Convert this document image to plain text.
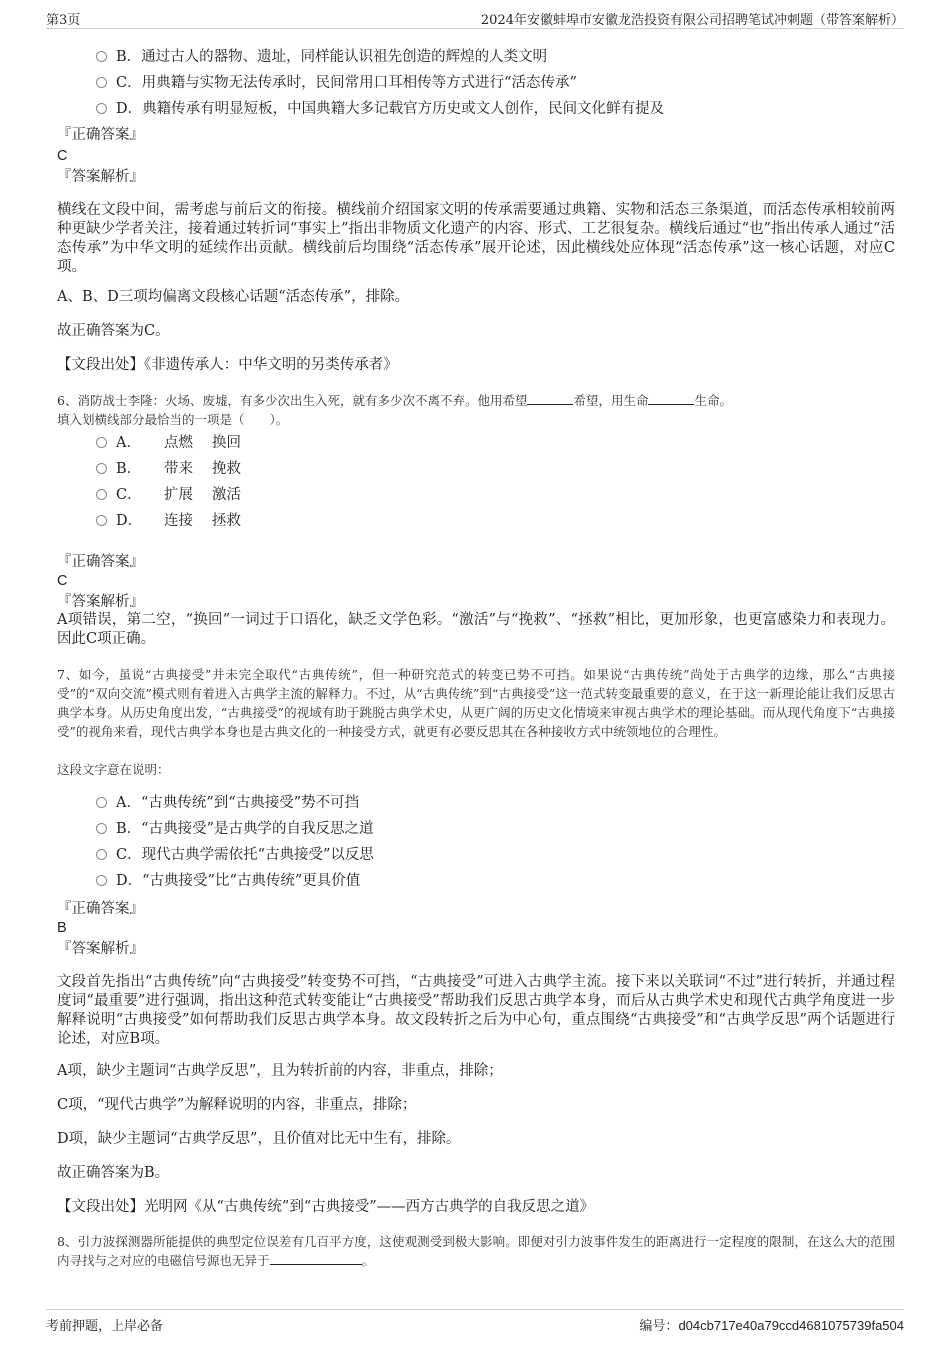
第3页	2024年安徽蚌埠市安徽龙浩投资有限公司招聘笔试冲刺题（带答案解析）
B．通过古人的器物、遗址，同样能认识祖先创造的辉煌的人类文明
C．用典籍与实物无法传承时，民间常用口耳相传等方式进行“活态传承”
D．典籍传承有明显短板，中国典籍大多记载官方历史或文人创作，民间文化鲜有提及
『正确答案』
C
『答案解析』
横线在文段中间，需考虑与前后文的衔接。横线前介绍国家文明的传承需要通过典籍、实物和活态三条渠道，而活态传承相较前两种更缺少学者关注，接着通过转折词“事实上”指出非物质文化遗产的内容、形式、工艺很复杂。横线后通过“也”指出传承人通过“活态传承”为中华文明的延续作出贡献。横线前后均围绕“活态传承”展开论述，因此横线处应体现“活态传承”这一核心话题，对应C项。
A、B、D三项均偏离文段核心话题“活态传承”，排除。
故正确答案为C。
【文段出处】《非遗传承人：中华文明的另类传承者》
6、消防战士李隆：火场、废墟，有多少次出生入死，就有多少次不离不弃。他用希望	希望，用生命	生命。
填入划横线部分最恰当的一项是（　　）。
A． 点燃 换回
B． 带来 挽救
C． 扩展 激活
D． 连接 拯救
『正确答案』
C
『答案解析』
A项错误，第二空，“换回”一词过于口语化，缺乏文学色彩。“激活”与“挽救”、“拯救”相比，更加形象，也更富感染力和表现力。因此C项正确。
7、如今，虽说“古典接受”并未完全取代“古典传统”，但一种研究范式的转变已势不可挡。如果说“古典传统”尚处于古典学的边缘，那么“古典接受”的“双向交流”模式则有着进入古典学主流的解释力。不过，从“古典传统”到“古典接受”这一范式转变最重要的意义，在于这一新理论能让我们反思古典学本身。从历史角度出发，“古典接受”的视域有助于跳脱古典学术史，从更广阔的历史文化情境来审视古典学术的理论基础。而从现代角度下“古典接受”的视角来看，现代古典学本身也是古典文化的一种接受方式，就更有必要反思其在各种接收方式中统领地位的合理性。
这段文字意在说明：
A．“古典传统”到“古典接受”势不可挡
B．“古典接受”是古典学的自我反思之道
C．现代古典学需依托“古典接受”以反思
D．“古典接受”比“古典传统”更具价值
『正确答案』
B
『答案解析』
文段首先指出“古典传统”向“古典接受”转变势不可挡，“古典接受”可进入古典学主流。接下来以关联词“不过”进行转折，并通过程度词“最重要”进行强调，指出这种范式转变能让“古典接受”帮助我们反思古典学本身，而后从古典学术史和现代古典学角度进一步解释说明“古典接受”如何帮助我们反思古典学本身。故文段转折之后为中心句，重点围绕“古典接受”和“古典学反思”两个话题进行论述，对应B项。
A项，缺少主题词“古典学反思”，且为转折前的内容，非重点，排除；
C项，“现代古典学”为解释说明的内容，非重点，排除；
D项，缺少主题词“古典学反思”，且价值对比无中生有，排除。
故正确答案为B。
【文段出处】光明网《从“古典传统”到“古典接受”——西方古典学的自我反思之道》
8、引力波探测器所能提供的典型定位误差有几百平方度，这使观测受到极大影响。即便对引力波事件发生的距离进行一定程度的限制，在这么大的范围内寻找与之对应的电磁信号源也无异于	。
考前押题，上岸必备	编号：d04cb717e40a79ccd4681075739fa504
